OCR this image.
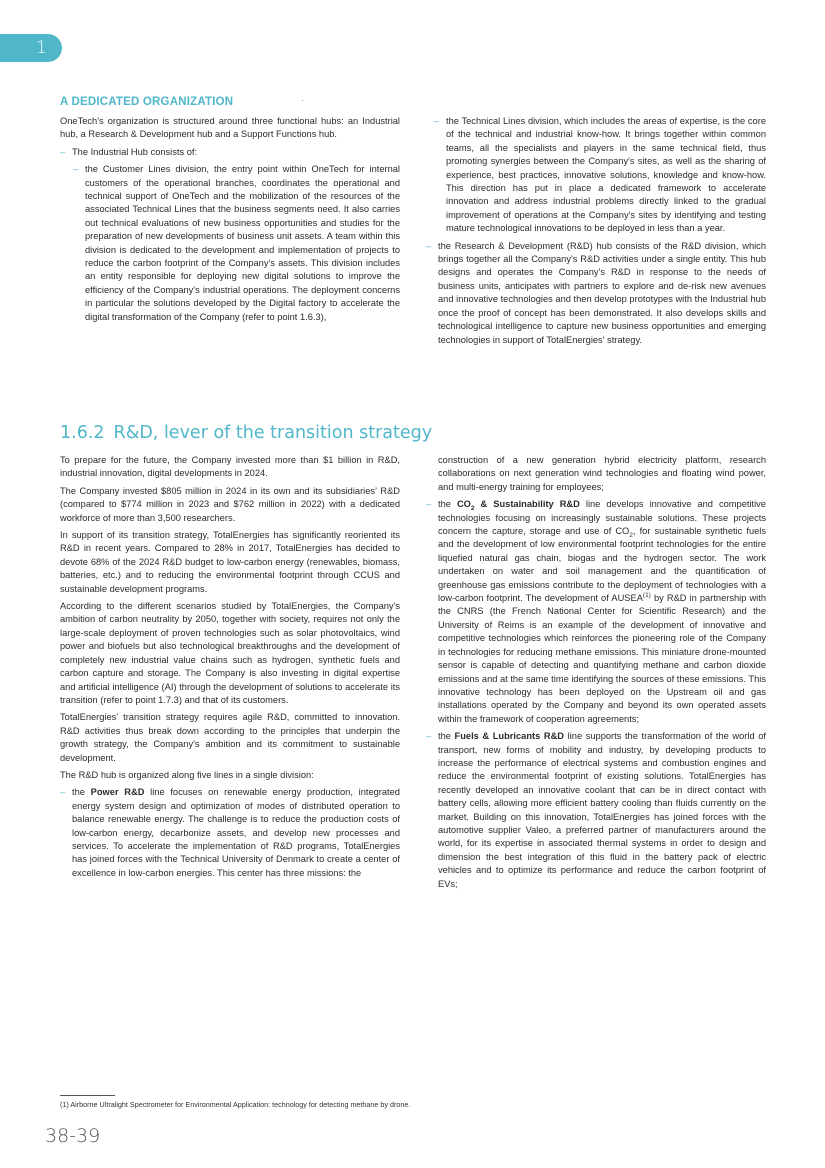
1
·
A DEDICATED ORGANIZATION

OneTech's organization is structured around three functional hubs: an Industrial hub, a Research & Development hub and a Support Functions hub.

– The Industrial Hub consists of:
– the Customer Lines division, the entry point within OneTech for internal customers of the operational branches, coordinates the operational and technical support of OneTech and the mobilization of the resources of the associated Technical Lines that the business segments need. It also carries out technical evaluations of new business opportunities and studies for the preparation of new developments of business unit assets. A team within this division is dedicated to the development and implementation of projects to reduce the carbon footprint of the Company's assets. This division includes an entity responsible for deploying new digital solutions to improve the efficiency of the Company's industrial operations. The deployment concerns in particular the solutions developed by the Digital factory to accelerate the digital transformation of the Company (refer to point 1.6.3),
– the Technical Lines division, which includes the areas of expertise, is the core of the technical and industrial know-how. It brings together within common teams, all the specialists and players in the same technical field, thus promoting synergies between the Company's sites, as well as the sharing of experience, best practices, innovative solutions, knowledge and know-how. This direction has put in place a dedicated framework to accelerate innovation and address industrial problems directly linked to the gradual improvement of operations at the Company's sites by identifying and testing mature technological innovations to be deployed in less than a year.
– the Research & Development (R&D) hub consists of the R&D division, which brings together all the Company's R&D activities under a single entity. This hub designs and operates the Company's R&D in response to the needs of business units, anticipates with partners to explore and de-risk new avenues and innovative technologies and then develop prototypes with the Industrial hub once the proof of concept has been demonstrated. It also develops skills and technological intelligence to capture new business opportunities and emerging technologies in support of TotalEnergies' strategy.
1.6.2 R&D, lever of the transition strategy

To prepare for the future, the Company invested more than $1 billion in R&D, industrial innovation, digital developments in 2024.

The Company invested $805 million in 2024 in its own and its subsidiaries' R&D (compared to $774 million in 2023 and $762 million in 2022) with a dedicated workforce of more than 3,500 researchers.

In support of its transition strategy, TotalEnergies has significantly reoriented its R&D in recent years. Compared to 28% in 2017, TotalEnergies has decided to devote 68% of the 2024 R&D budget to low-carbon energy (renewables, biomass, batteries, etc.) and to reducing the environmental footprint through CCUS and sustainable development programs.

According to the different scenarios studied by TotalEnergies, the Company's ambition of carbon neutrality by 2050, together with society, requires not only the large-scale deployment of proven technologies such as solar photovoltaics, wind power and biofuels but also technological breakthroughs and the development of completely new industrial value chains such as hydrogen, synthetic fuels and carbon capture and storage. The Company is also investing in digital expertise and artificial intelligence (AI) through the development of solutions to accelerate its transition (refer to point 1.7.3) and that of its customers.

TotalEnergies' transition strategy requires agile R&D, committed to innovation. R&D activities thus break down according to the principles that underpin the growth strategy, the Company's ambition and its commitment to sustainable development.

The R&D hub is organized along five lines in a single division:

– the Power R&D line focuses on renewable energy production, integrated energy system design and optimization of modes of distributed operation to balance renewable energy. The challenge is to reduce the production costs of low-carbon energy, decarbonize assets, and develop new processes and services. To accelerate the implementation of R&D programs, TotalEnergies has joined forces with the Technical University of Denmark to create a center of excellence in low-carbon energies. This center has three missions: the

construction of a new generation hybrid electricity platform, research collaborations on next generation wind technologies and floating wind power, and multi-energy training for employees;

– the $CO_2$ & Sustainability R&D line develops innovative and competitive technologies focusing on increasingly sustainable solutions. These projects concern the capture, storage and use of $CO_2$, for sustainable synthetic fuels and the development of low environmental footprint technologies for the entire liquefied natural gas chain, biogas and the hydrogen sector. The work undertaken on water and soil management and the quantification of greenhouse gas emissions contribute to the deployment of technologies with a low-carbon footprint. The development of AUSEA$^{(1)}$ by R&D in partnership with the CNRS (the French National Center for Scientific Research) and the University of Reims is an example of the development of innovative and competitive technologies which reinforces the pioneering role of the Company in technologies for reducing methane emissions. This miniature drone-mounted sensor is capable of detecting and quantifying methane and carbon dioxide emissions and at the same time identifying the sources of these emissions. This innovative technology has been deployed on the Upstream oil and gas installations operated by the Company and beyond its own operated assets within the framework of cooperation agreements;
– the Fuels & Lubricants R&D line supports the transformation of the world of transport, new forms of mobility and industry, by developing products to increase the performance of electrical systems and combustion engines and reduce the environmental footprint of existing solutions. TotalEnergies has recently developed an innovative coolant that can be in direct contact with battery cells, allowing more efficient battery cooling than fluids currently on the market. Building on this innovation, TotalEnergies has joined forces with the automotive supplier Valeo, a preferred partner of manufacturers around the world, for its expertise in associated thermal systems in order to design and dimension the best integration of this fluid in the battery pack of electric vehicles and to optimize its performance and reduce the carbon footprint of EVs;
(1) Airborne Ultralight Spectrometer for Environmental Application: technology for detecting methane by drone.
38-39
